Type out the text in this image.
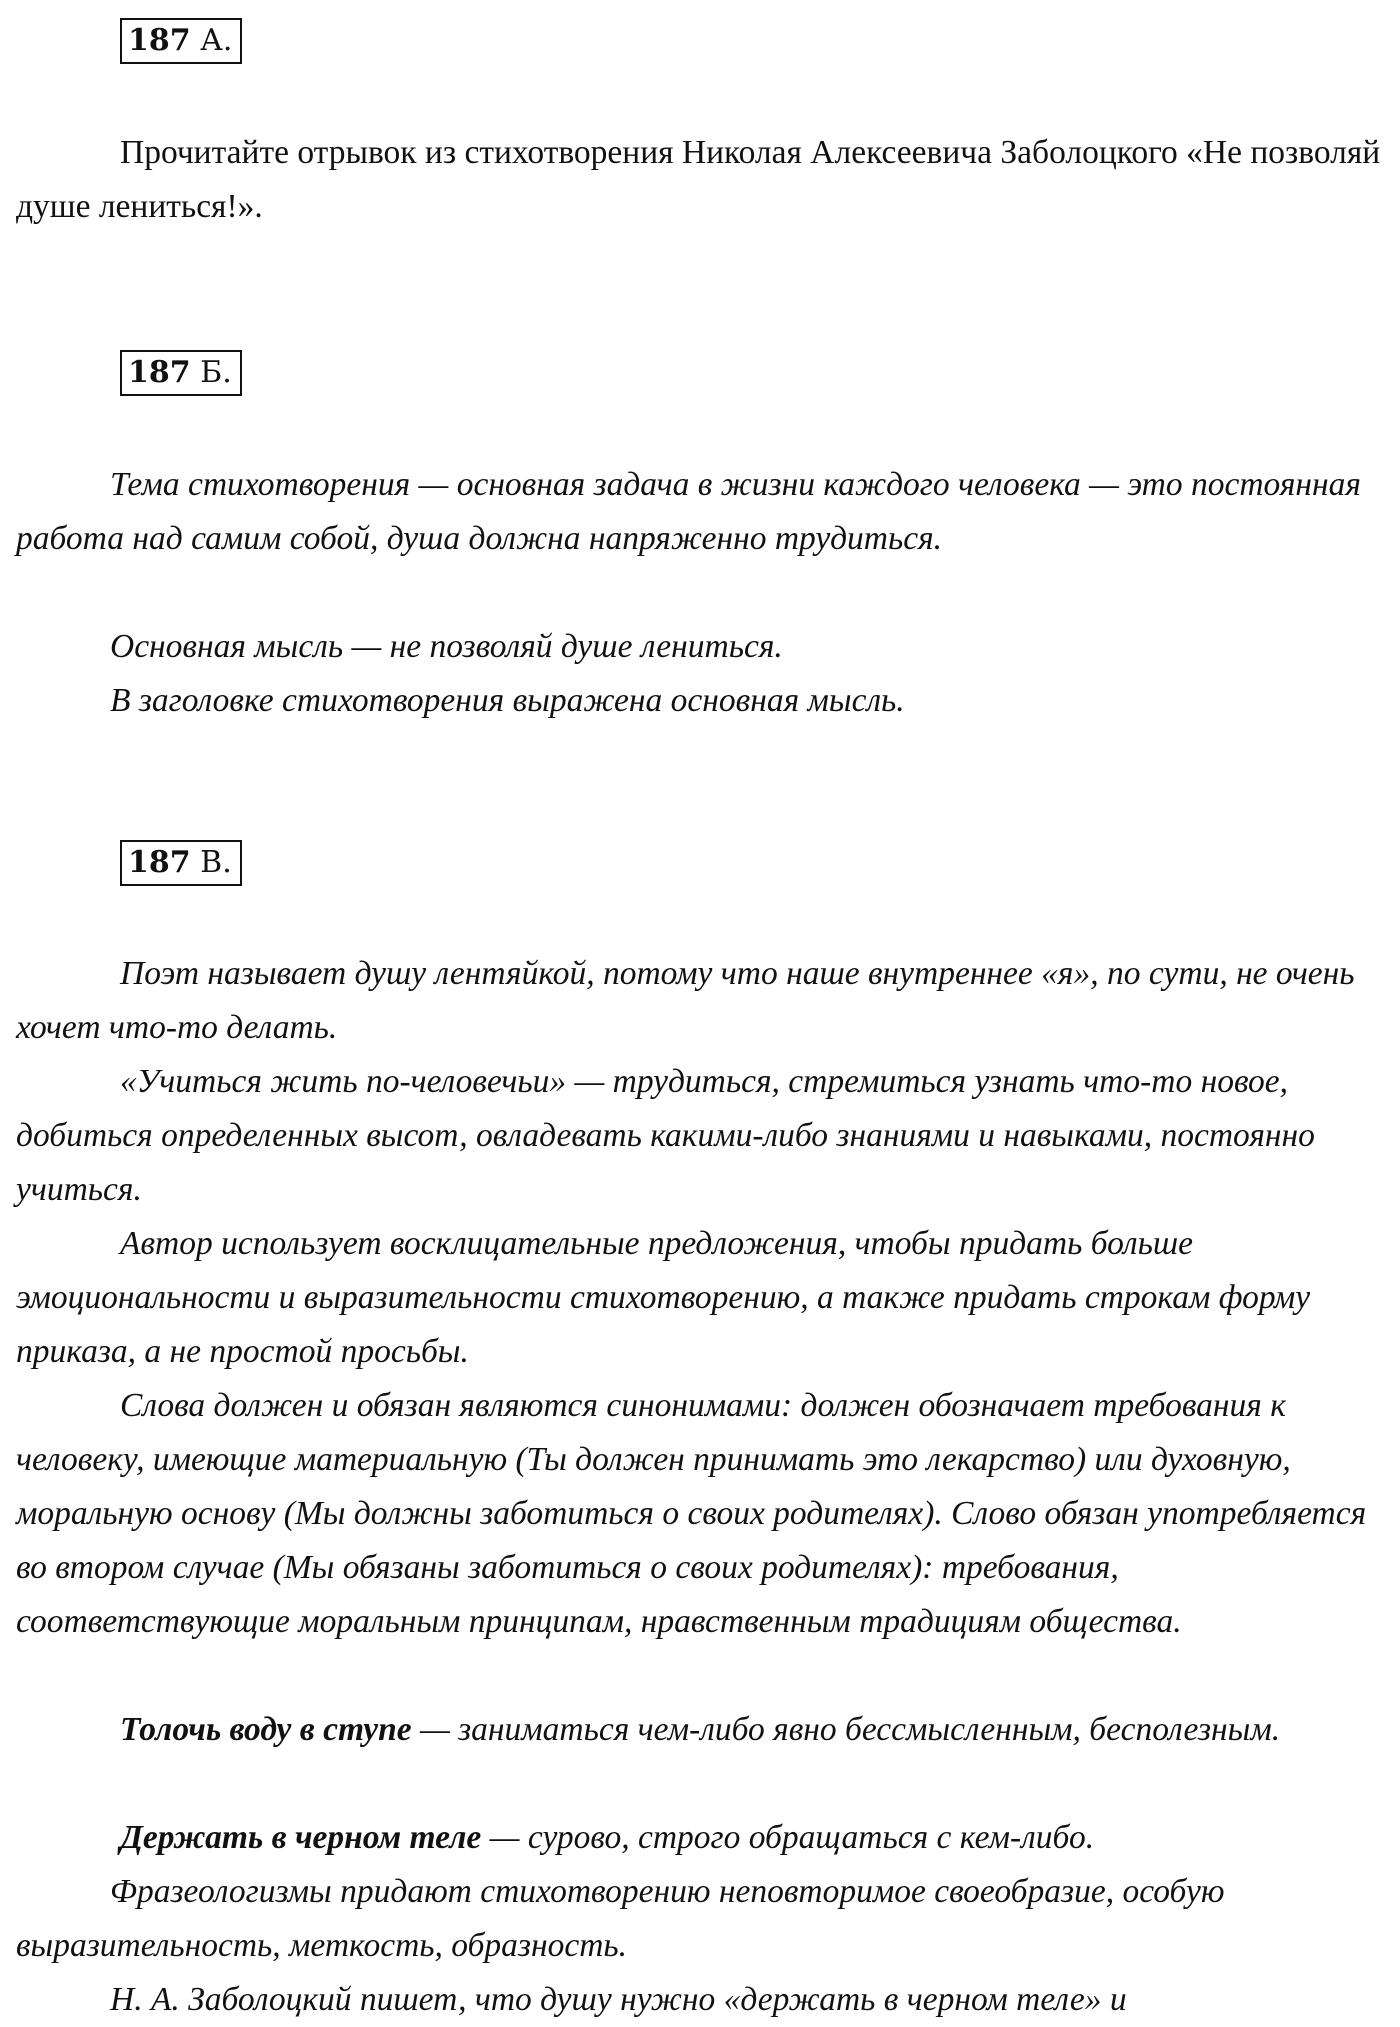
187 А.

Прочитайте отрывок из стихотворения Николая Алексеевича Заболоцкого «Не позволяй душе лениться!».

187 Б.

Тема стихотворения — основная задача в жизни каждого человека — это постоянная работа над самим собой, душа должна напряженно трудиться.

Основная мысль — не позволяй душе лениться.

В заголовке стихотворения выражена основная мысль.

187 В.

Поэт называет душу лентяйкой, потому что наше внутреннее «я», по сути, не очень хочет что-то делать.

«Учиться жить по-человечьи» — трудиться, стремиться узнать что-то новое, добиться определенных высот, овладевать какими-либо знаниями и навыками, постоянно учиться.

Автор использует восклицательные предложения, чтобы придать больше эмоциональности и выразительности стихотворению, а также придать строкам форму приказа, а не простой просьбы.

Слова должен и обязан являются синонимами: должен обозначает требования к человеку, имеющие материальную (Ты должен принимать это лекарство) или духовную, моральную основу (Мы должны заботиться о своих родителях). Слово обязан употребляется во втором случае (Мы обязаны заботиться о своих родителях): требования, соответствующие моральным принципам, нравственным традициям общества.

Толочь воду в ступе — заниматься чем-либо явно бессмысленным, бесполезным.

Держать в черном теле — сурово, строго обращаться с кем-либо.

Фразеологизмы придают стихотворению неповторимое своеобразие, особую выразительность, меткость, образность.

Н. А. Заболоцкий пишет, что душу нужно «держать в черном теле» и
